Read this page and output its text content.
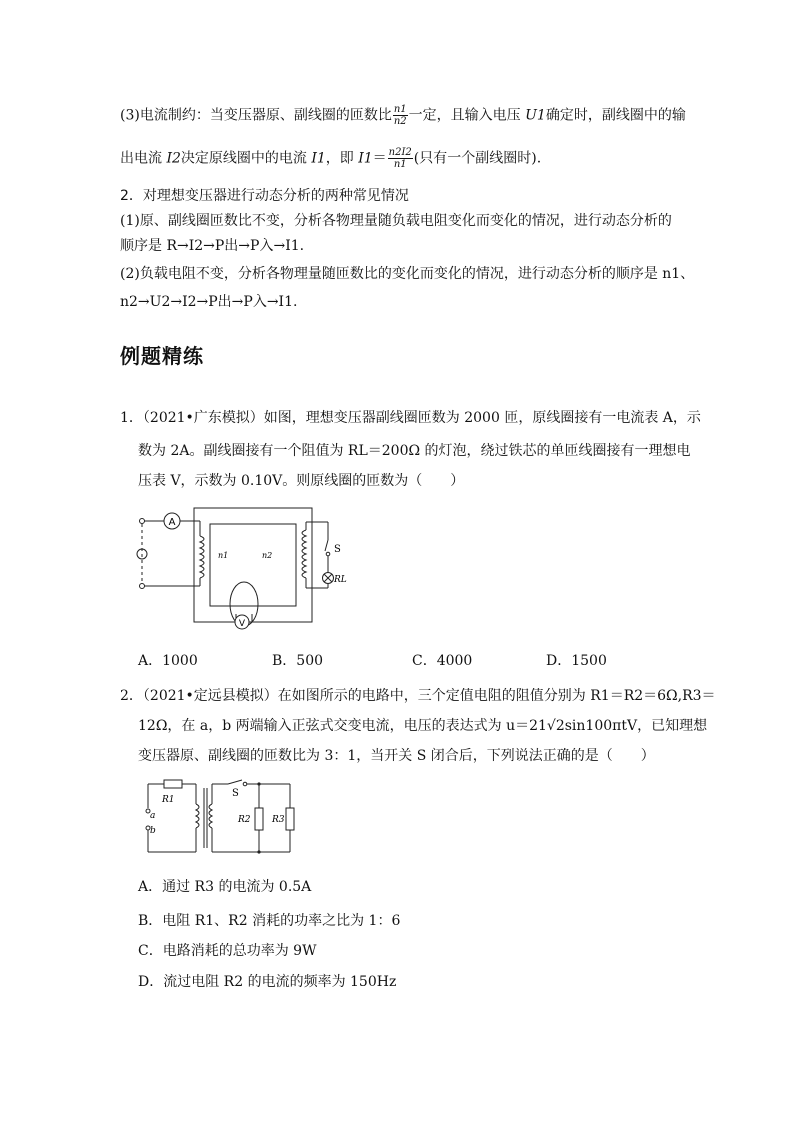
(3)电流制约：当变压器原、副线圈的匝数比 $\frac{n1}{n2}$ 一定，且输入电压 U1确定时，副线圈中的输
出电流 I2决定原线圈中的电流 I1，即 $I1= \frac{n2I2}{n1}$ (只有一个副线圈时).
2．对理想变压器进行动态分析的两种常见情况
(1)原、副线圈匝数比不变，分析各物理量随负载电阻变化而变化的情况，进行动态分析的
顺序是 R→I2→P出→P入→I1.
(2)负载电阻不变，分析各物理量随匝数比的变化而变化的情况，进行动态分析的顺序是 n1、
n2→U2→I2→P出→P入→I1.
例题精练
1．（2021•广东模拟）如图，理想变压器副线圈匝数为 2000 匝，原线圈接有一电流表 A，示
数为 2A。副线圈接有一个阻值为 RL＝200Ω 的灯泡，绕过铁芯的单匝线圈接有一理想电
压表 V，示数为 0.10V。则原线圈的匝数为（　　）
A
V
n1	n2
S
RL
A．1000	B．500	C．4000	D．1500
2．（2021•定远县模拟）在如图所示的电路中，三个定值电阻的阻值分别为 R1＝R2＝6Ω,R3＝
12Ω，在 a，b 两端输入正弦式交变电流，电压的表达式为 u＝21√2sin100πtV，已知理想
变压器原、副线圈的匝数比为 3：1，当开关 S 闭合后，下列说法正确的是（　　）
R1
a
b
S
R2 R3
A．通过 R3 的电流为 0.5A
B．电阻 R1、R2 消耗的功率之比为 1：6
C．电路消耗的总功率为 9W
D．流过电阻 R2 的电流的频率为 150Hz
